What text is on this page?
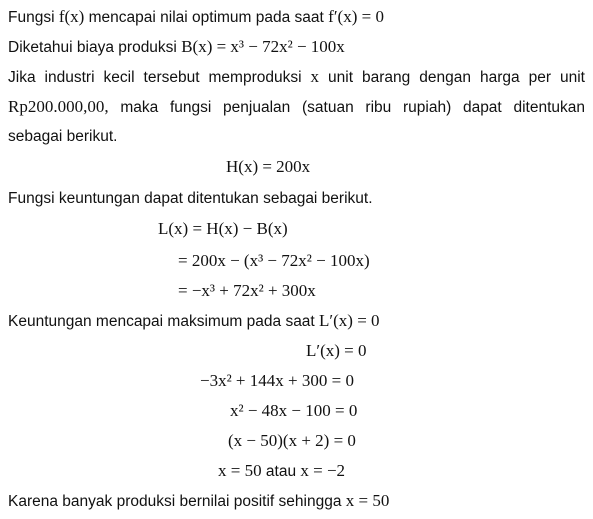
Fungsi f(x) mencapai nilai optimum pada saat f′(x) = 0
Diketahui biaya produksi B(x) = x³ − 72x² − 100x
Jika industri kecil tersebut memproduksi x unit barang dengan harga per unit
Rp200.000,00, maka fungsi penjualan (satuan ribu rupiah) dapat ditentukan
sebagai berikut.
H(x) = 200x
Fungsi keuntungan dapat ditentukan sebagai berikut.
L(x) = H(x) − B(x)
= 200x − (x³ − 72x² − 100x)
= −x³ + 72x² + 300x
Keuntungan mencapai maksimum pada saat L′(x) = 0
L′(x) = 0
−3x² + 144x + 300 = 0
x² − 48x − 100 = 0
(x − 50)(x + 2) = 0
x = 50 atau x = −2
Karena banyak produksi bernilai positif sehingga x = 50
